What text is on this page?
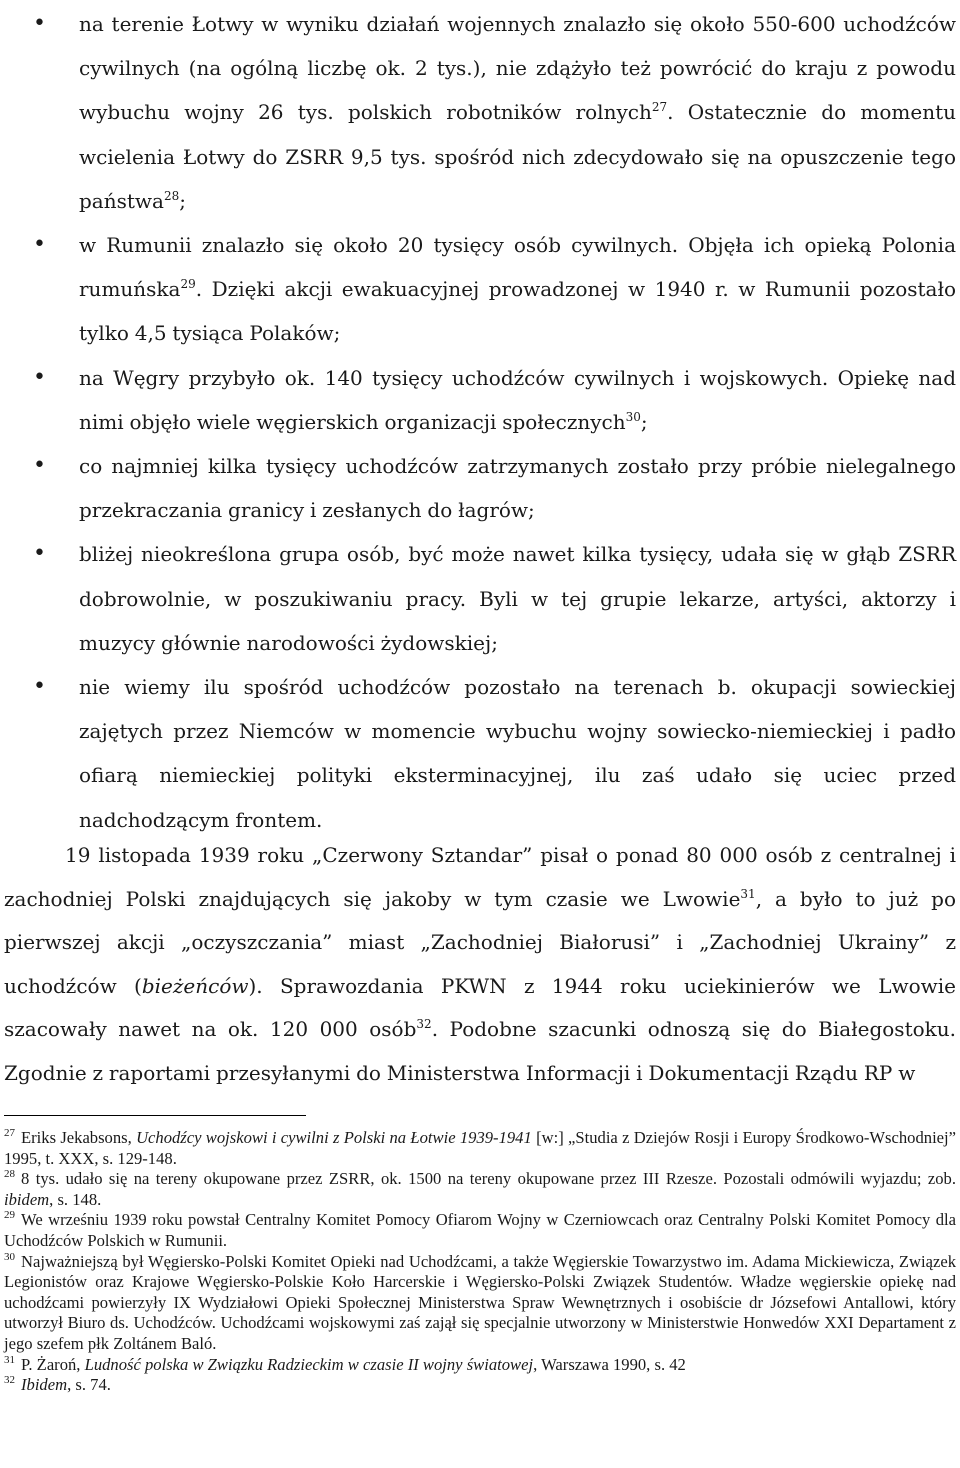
• na terenie Łotwy w wyniku działań wojennych znalazło się około 550-600 uchodźców cywilnych (na ogólną liczbę ok. 2 tys.), nie zdążyło też powrócić do kraju z powodu wybuchu wojny 26 tys. polskich robotników rolnych$^{27}$. Ostatecznie do momentu wcielenia Łotwy do ZSRR 9,5 tys. spośród nich zdecydowało się na opuszczenie tego państwa$^{28}$;
• w Rumunii znalazło się około 20 tysięcy osób cywilnych. Objęła ich opieką Polonia rumuńska$^{29}$. Dzięki akcji ewakuacyjnej prowadzonej w 1940 r. w Rumunii pozostało tylko 4,5 tysiąca Polaków;
• na Węgry przybyło ok. 140 tysięcy uchodźców cywilnych i wojskowych. Opiekę nad nimi objęło wiele węgierskich organizacji społecznych$^{30}$;
• co najmniej kilka tysięcy uchodźców zatrzymanych zostało przy próbie nielegalnego przekraczania granicy i zesłanych do łagrów;
• bliżej nieokreślona grupa osób, być może nawet kilka tysięcy, udała się w głąb ZSRR dobrowolnie, w poszukiwaniu pracy. Byli w tej grupie lekarze, artyści, aktorzy i muzycy głównie narodowości żydowskiej;
• nie wiemy ilu spośród uchodźców pozostało na terenach b. okupacji sowieckiej zajętych przez Niemców w momencie wybuchu wojny sowiecko-niemieckiej i padło ofiarą niemieckiej polityki eksterminacyjnej, ilu zaś udało się uciec przed nadchodzącym frontem.

19 listopada 1939 roku „Czerwony Sztandar” pisał o ponad 80 000 osób z centralnej i zachodniej Polski znajdujących się jakoby w tym czasie we Lwowie$^{31}$, a było to już po pierwszej akcji „oczyszczania” miast „Zachodniej Białorusi” i „Zachodniej Ukrainy” z uchodźców (bieżeńców). Sprawozdania PKWN z 1944 roku uciekinierów we Lwowie szacowały nawet na ok. 120 000 osób$^{32}$. Podobne szacunki odnoszą się do Białegostoku. Zgodnie z raportami przesyłanymi do Ministerstwa Informacji i Dokumentacji Rządu RP w

$^{27}$ Eriks Jekabsons, Uchodźcy wojskowi i cywilni z Polski na Łotwie 1939-1941 [w:] „Studia z Dziejów Rosji i Europy Środkowo-Wschodniej” 1995, t. XXX, s. 129-148.

$^{28}$ 8 tys. udało się na tereny okupowane przez ZSRR, ok. 1500 na tereny okupowane przez III Rzesze. Pozostali odmówili wyjazdu; zob. ibidem, s. 148.

$^{29}$ We wrześniu 1939 roku powstał Centralny Komitet Pomocy Ofiarom Wojny w Czerniowcach oraz Centralny Polski Komitet Pomocy dla Uchodźców Polskich w Rumunii.

$^{30}$ Najważniejszą był Węgiersko-Polski Komitet Opieki nad Uchodźcami, a także Węgierskie Towarzystwo im. Adama Mickiewicza, Związek Legionistów oraz Krajowe Węgiersko-Polskie Koło Harcerskie i Węgiersko-Polski Związek Studentów. Władze węgierskie opiekę nad uchodźcami powierzyły IX Wydziałowi Opieki Społecznej Ministerstwa Spraw Wewnętrznych i osobiście dr Józsefowi Antallowi, który utworzył Biuro ds. Uchodźców. Uchodźcami wojskowymi zaś zajął się specjalnie utworzony w Ministerstwie Honwedów XXI Departament z jego szefem płk Zoltánem Baló.

$^{31}$ P. Żaroń, Ludność polska w Związku Radzieckim w czasie II wojny światowej, Warszawa 1990, s. 42

$^{32}$ Ibidem, s. 74.
